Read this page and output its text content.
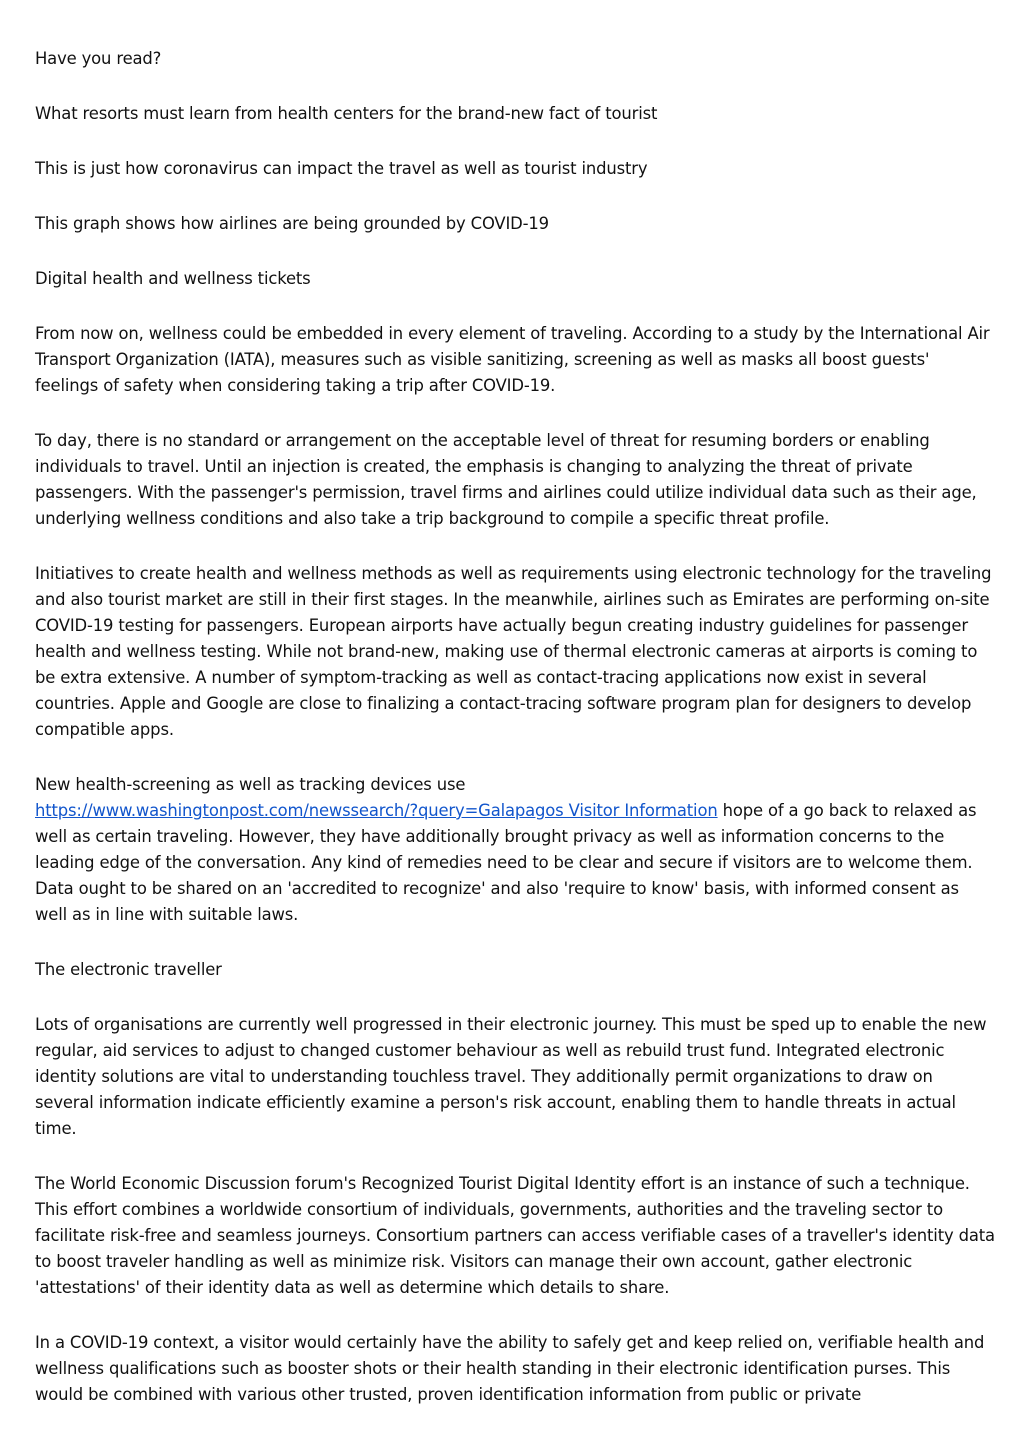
Have you read?

What resorts must learn from health centers for the brand-new fact of tourist

This is just how coronavirus can impact the travel as well as tourist industry

This graph shows how airlines are being grounded by COVID-19

Digital health and wellness tickets

From now on, wellness could be embedded in every element of traveling. According to a study by the International Air Transport Organization (IATA), measures such as visible sanitizing, screening as well as masks all boost guests' feelings of safety when considering taking a trip after COVID-19.

To day, there is no standard or arrangement on the acceptable level of threat for resuming borders or enabling individuals to travel. Until an injection is created, the emphasis is changing to analyzing the threat of private passengers. With the passenger's permission, travel firms and airlines could utilize individual data such as their age, underlying wellness conditions and also take a trip background to compile a specific threat profile.

Initiatives to create health and wellness methods as well as requirements using electronic technology for the traveling and also tourist market are still in their first stages. In the meanwhile, airlines such as Emirates are performing on-site COVID-19 testing for passengers. European airports have actually begun creating industry guidelines for passenger health and wellness testing. While not brand-new, making use of thermal electronic cameras at airports is coming to be extra extensive. A number of symptom-tracking as well as contact-tracing applications now exist in several countries. Apple and Google are close to finalizing a contact-tracing software program plan for designers to develop compatible apps.

New health-screening as well as tracking devices use
https://www.washingtonpost.com/newssearch/?query=Galapagos Visitor Information hope of a go back to relaxed as well as certain traveling. However, they have additionally brought privacy as well as information concerns to the leading edge of the conversation. Any kind of remedies need to be clear and secure if visitors are to welcome them. Data ought to be shared on an 'accredited to recognize' and also 'require to know' basis, with informed consent as well as in line with suitable laws.

The electronic traveller

Lots of organisations are currently well progressed in their electronic journey. This must be sped up to enable the new regular, aid services to adjust to changed customer behaviour as well as rebuild trust fund. Integrated electronic identity solutions are vital to understanding touchless travel. They additionally permit organizations to draw on several information indicate efficiently examine a person's risk account, enabling them to handle threats in actual time.

The World Economic Discussion forum's Recognized Tourist Digital Identity effort is an instance of such a technique. This effort combines a worldwide consortium of individuals, governments, authorities and the traveling sector to facilitate risk-free and seamless journeys. Consortium partners can access verifiable cases of a traveller's identity data to boost traveler handling as well as minimize risk. Visitors can manage their own account, gather electronic 'attestations' of their identity data as well as determine which details to share.

In a COVID-19 context, a visitor would certainly have the ability to safely get and keep relied on, verifiable health and wellness qualifications such as booster shots or their health standing in their electronic identification purses. This would be combined with various other trusted, proven identification information from public or private
